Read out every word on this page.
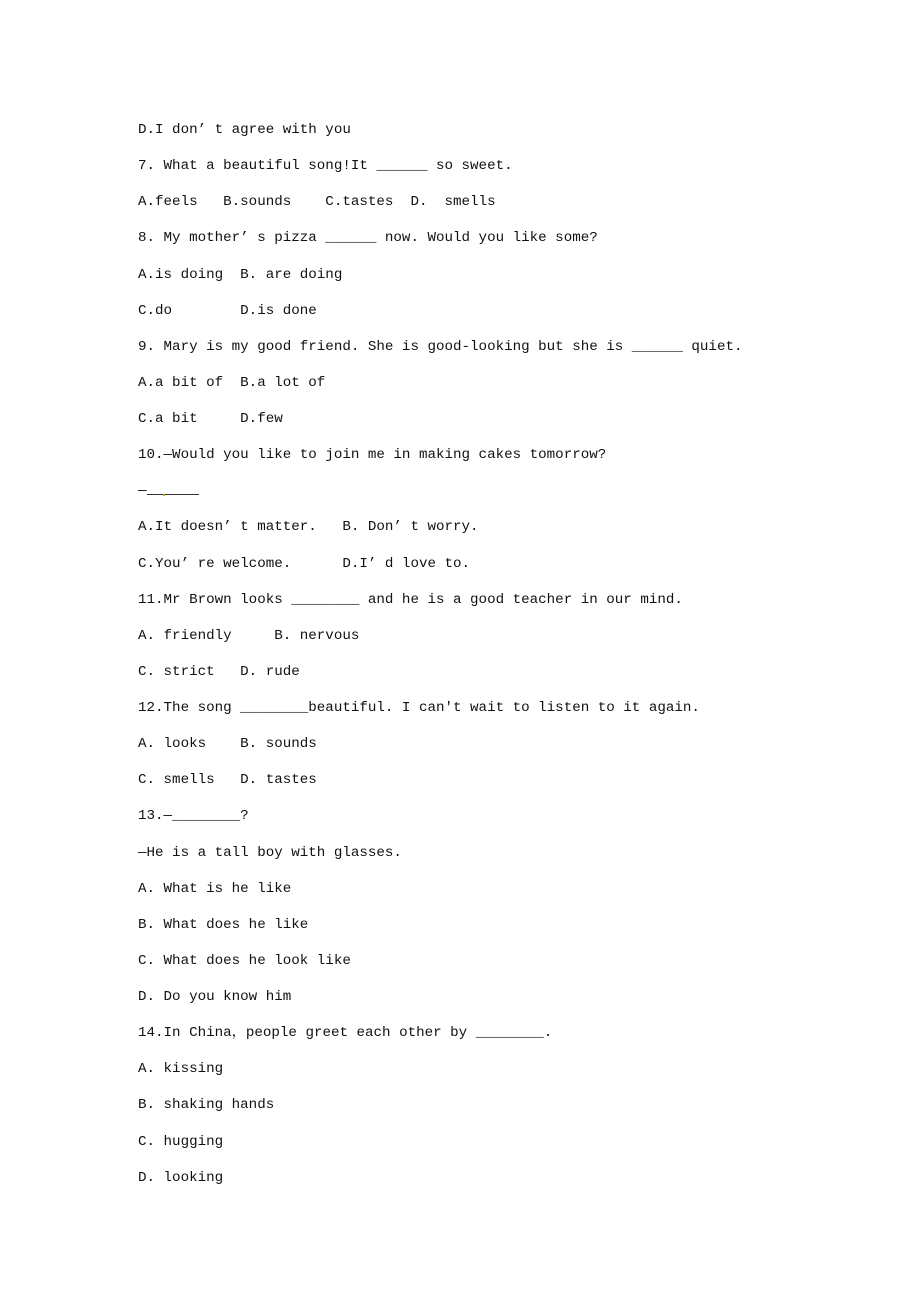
D.I don’ t agree with you
7. What a beautiful song!It ______ so sweet.
A.feels   B.sounds    C.tastes  D.  smells
8. My mother’ s pizza ______ now. Would you like some?
A.is doing  B. are doing
C.do        D.is done
9. Mary is my good friend. She is good-looking but she is ______ quiet.
A.a bit of  B.a lot of
C.a bit     D.few
10.—Would you like to join me in making cakes tomorrow?
—
A.It doesn’ t matter.   B. Don’ t worry.
C.You’ re welcome.      D.I’ d love to.
11.Mr Brown looks ________ and he is a good teacher in our mind.
A. friendly     B. nervous
C. strict   D. rude
12.The song ________beautiful. I can't wait to listen to it again.
A. looks    B. sounds
C. smells   D. tastes
13.—________?
—He is a tall boy with glasses.
A. What is he like
B. What does he like
C. What does he look like
D. Do you know him
14.In China，people greet each other by ________.
A. kissing
B. shaking hands
C. hugging
D. looking
